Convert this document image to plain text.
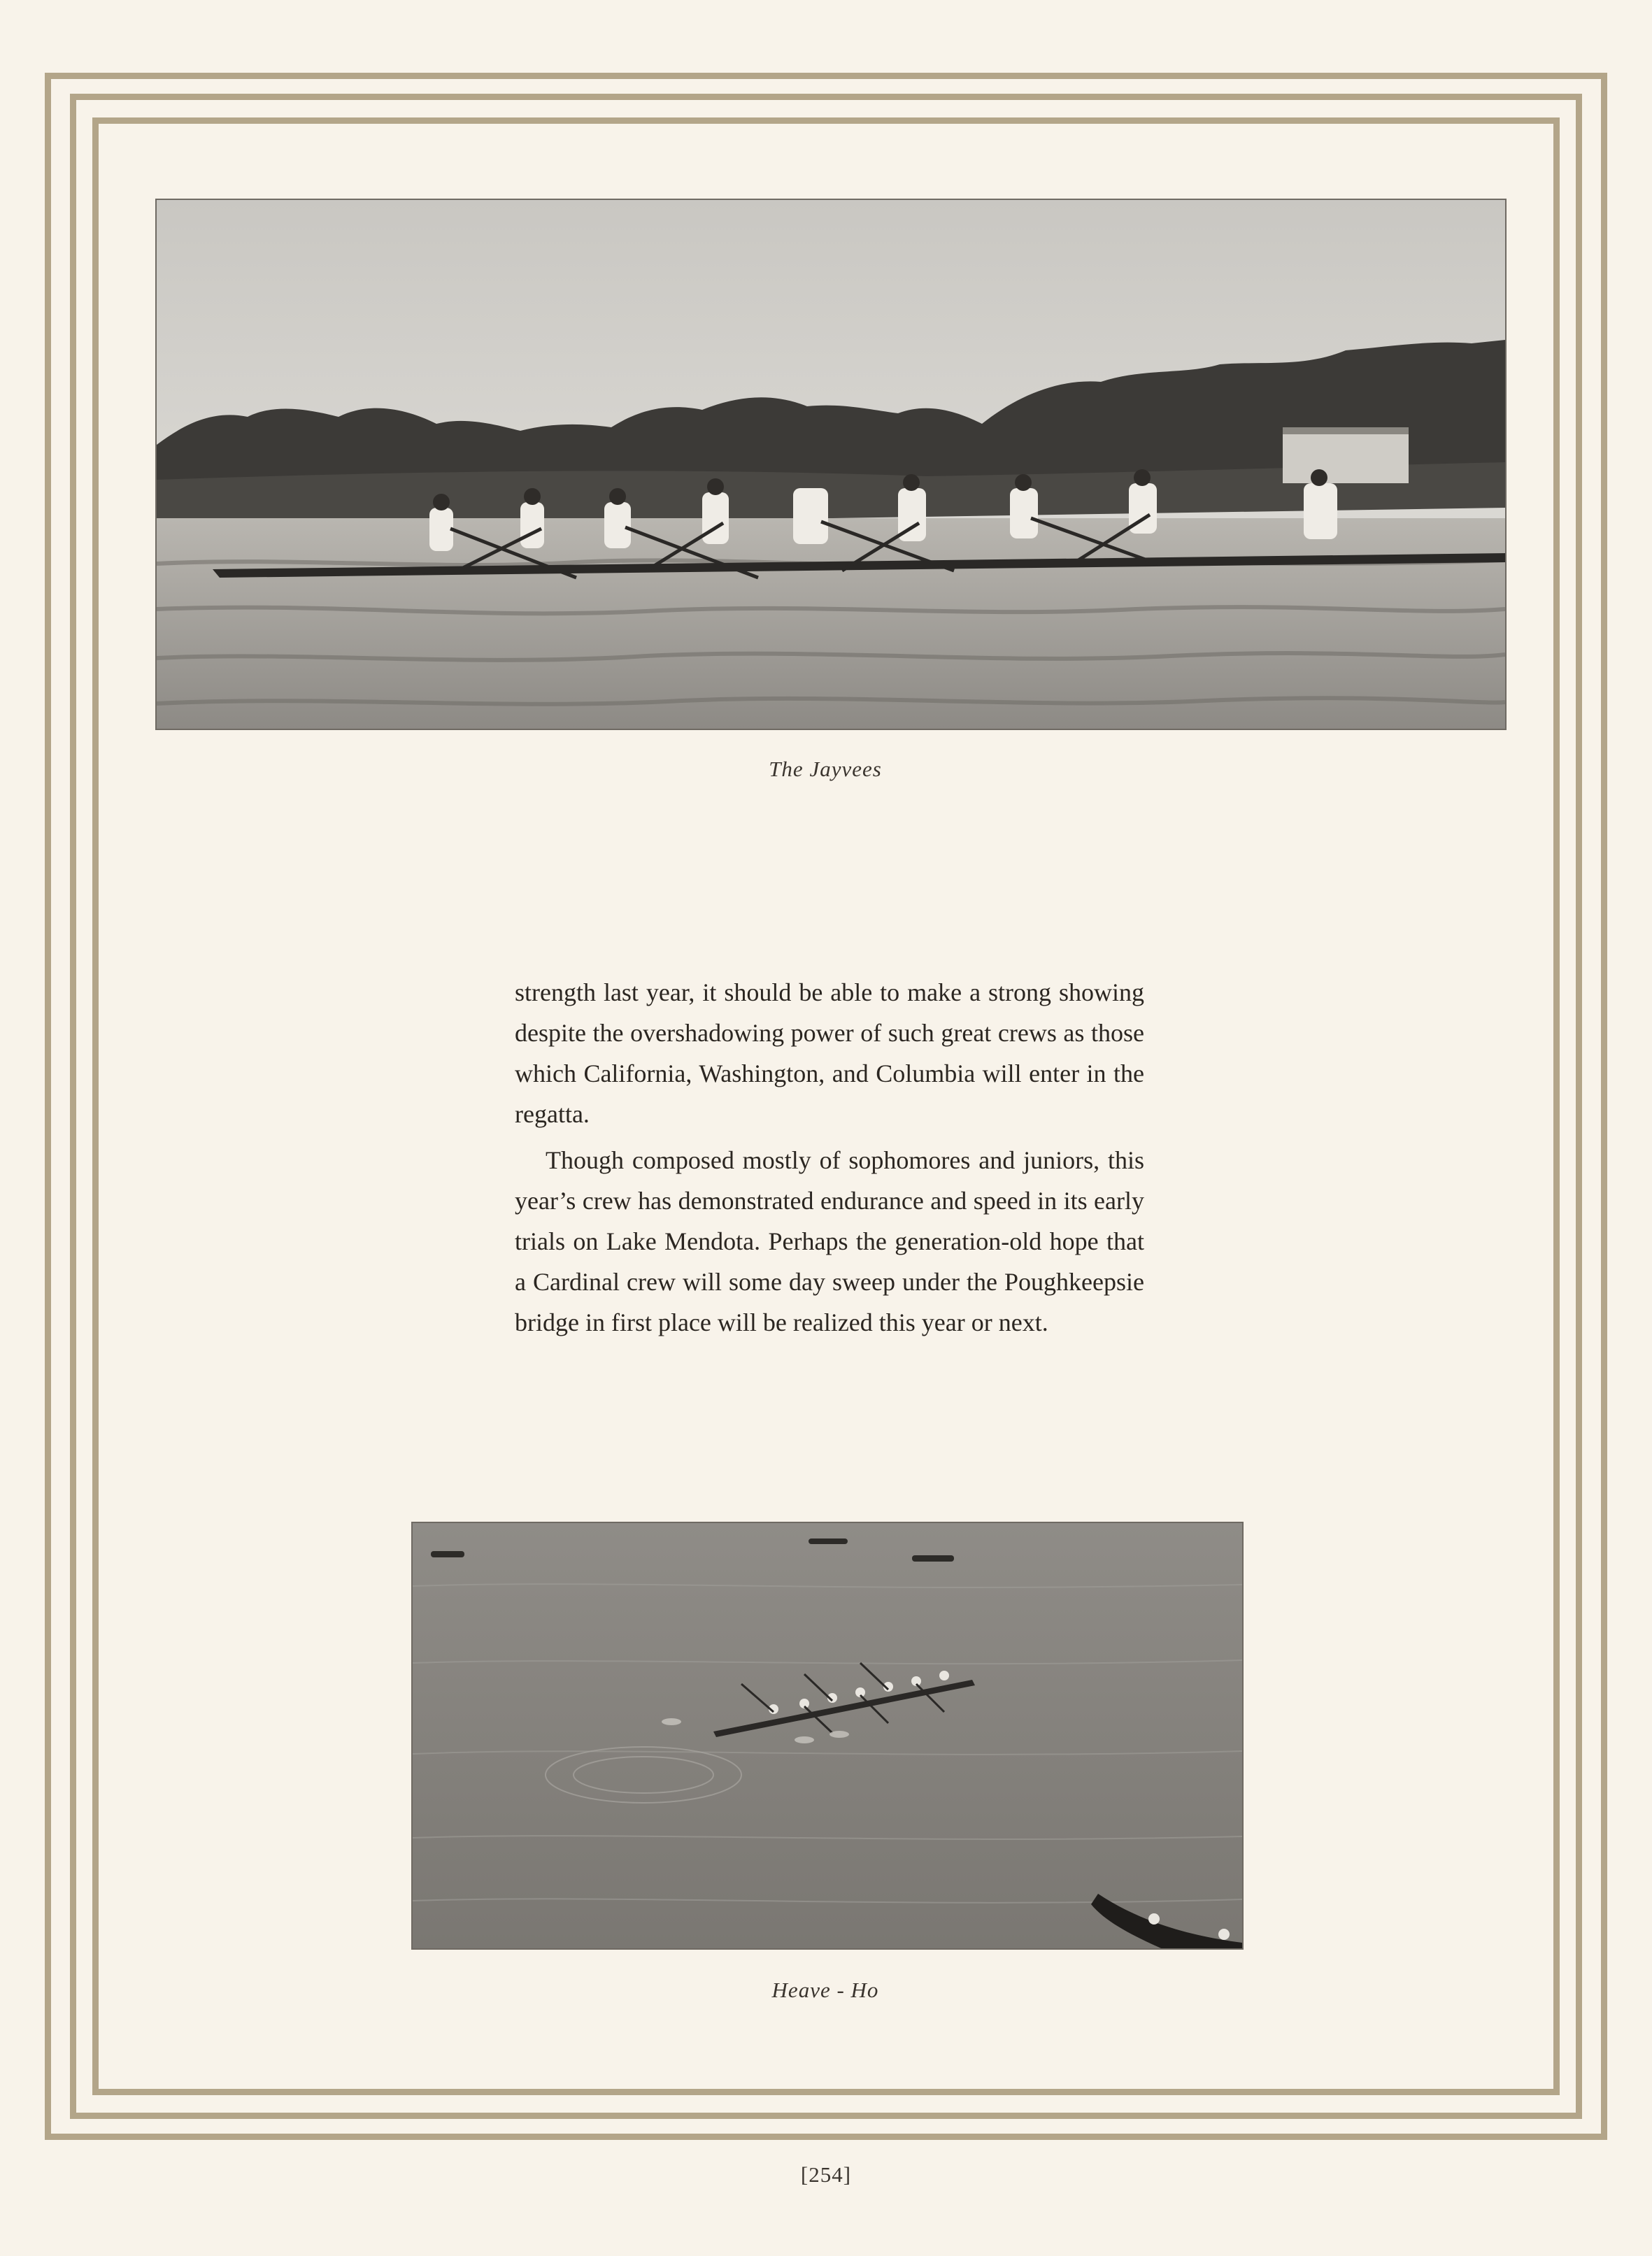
The Jayvees

strength last year, it should be able to make a strong showing despite the overshadowing power of such great crews as those which California, Washington, and Columbia will enter in the regatta.

Though composed mostly of sophomores and juniors, this year’s crew has demonstrated endurance and speed in its early trials on Lake Mendota. Perhaps the generation-old hope that a Cardinal crew will some day sweep under the Poughkeepsie bridge in first place will be realized this year or next.

Heave - Ho
[254]
